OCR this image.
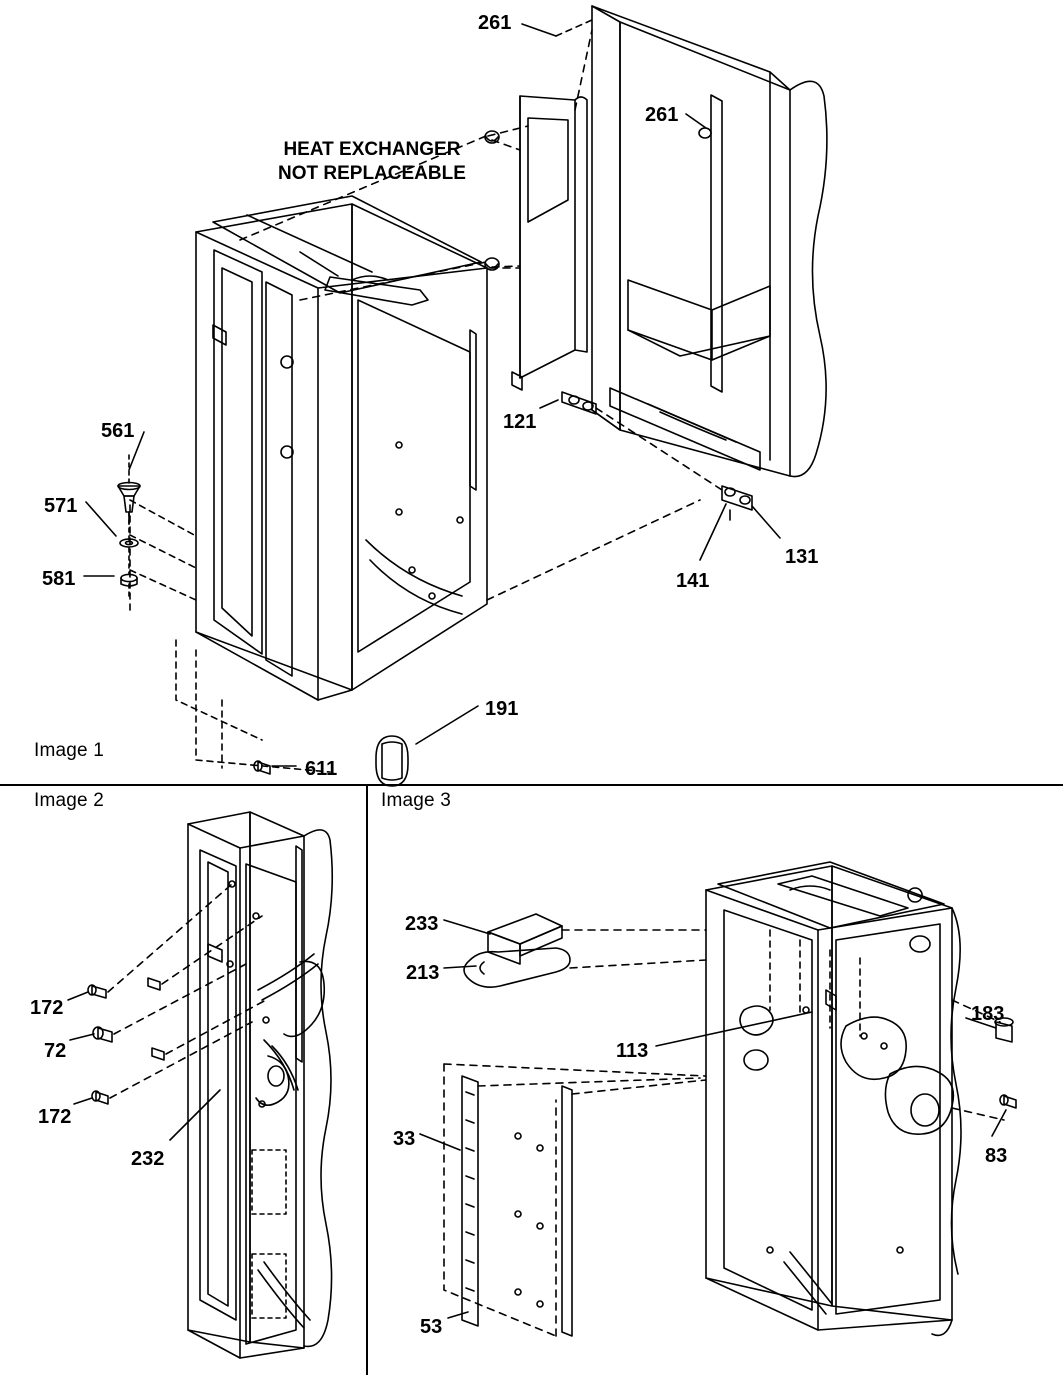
Image 1
Image 2	Image 3
HEAT EXCHANGER
NOT REPLACEABLE
261
261
121
131
141
561
571
581
191
611
172
72
172
232
233
213
113
183
83
33
53
